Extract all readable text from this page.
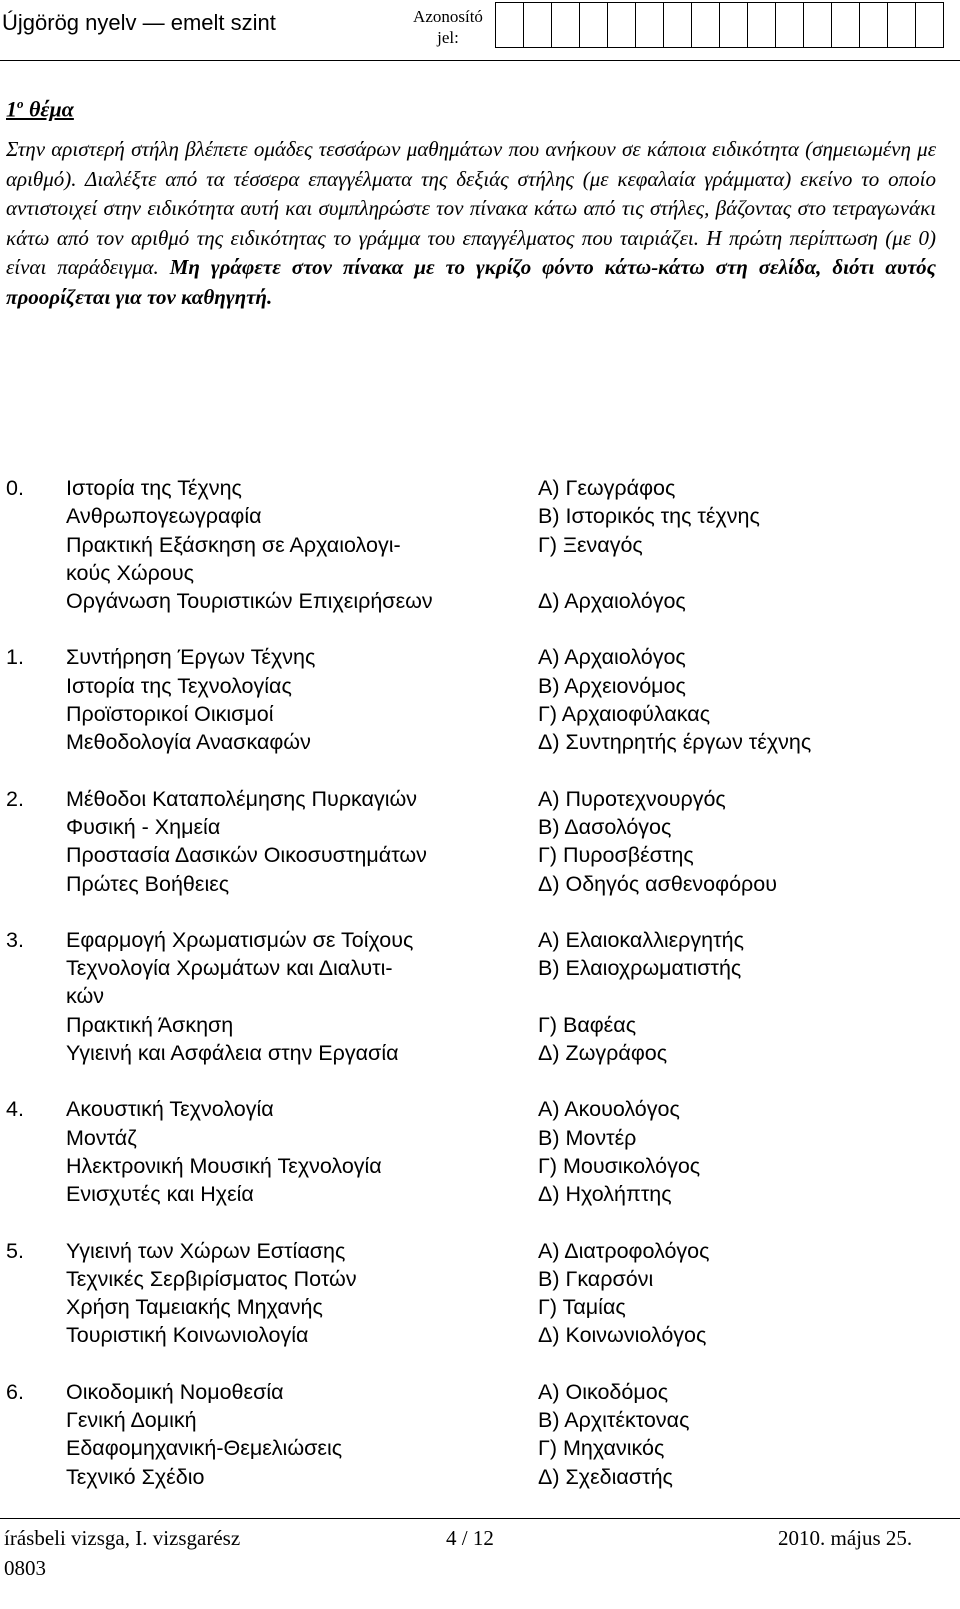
Újgörög nyelv — emelt szint	Azonosító
jel:
1$^o$ θέμα
Στην αριστερή στήλη βλέπετε ομάδες τεσσάρων μαθημάτων που ανήκουν σε κάποια ειδικότητα (σημειωμένη με αριθμό). Διαλέξτε από τα τέσσερα επαγγέλματα της δεξιάς στήλης (με κεφαλαία γράμματα) εκείνο το οποίο αντιστοιχεί στην ειδικότητα αυτή και συμπληρώστε τον πίνακα κάτω από τις στήλες, βάζοντας στο τετραγωνάκι κάτω από τον αριθμό της ειδικότητας το γράμμα του επαγγέλματος που ταιριάζει. Η πρώτη περίπτωση (με 0) είναι παράδειγμα. Μη γράφετε στον πίνακα με το γκρίζο φόντο κάτω-κάτω στη σελίδα, διότι αυτός προορίζεται για τον καθηγητή.
0. Ιστορία της Τέχνης	Α) Γεωγράφος
Ανθρωπογεωγραφία	Β) Ιστορικός της τέχνης
Πρακτική Εξάσκηση σε Αρχαιολογι-	Γ) Ξεναγός
κούς Χώρους
Οργάνωση Τουριστικών Επιχειρήσεων	Δ) Αρχαιολόγος
1. Συντήρηση Έργων Τέχνης	Α) Αρχαιολόγος
Ιστορία της Τεχνολογίας	Β) Αρχειονόμος
Προϊστορικοί Οικισμοί	Γ) Αρχαιοφύλακας
Μεθοδολογία Ανασκαφών	Δ) Συντηρητής έργων τέχνης
2. Μέθοδοι Καταπολέμησης Πυρκαγιών	Α) Πυροτεχνουργός
Φυσική - Χημεία	Β) Δασολόγος
Προστασία Δασικών Οικοσυστημάτων	Γ) Πυροσβέστης
Πρώτες Βοήθειες	Δ) Οδηγός ασθενοφόρου
3. Εφαρμογή Χρωματισμών σε Τοίχους	Α) Ελαιοκαλλιεργητής
Τεχνολογία Χρωμάτων και Διαλυτι-	Β) Ελαιοχρωματιστής
κών
Πρακτική Άσκηση	Γ) Βαφέας
Υγιεινή και Ασφάλεια στην Εργασία	Δ) Ζωγράφος
4. Ακουστική Τεχνολογία	Α) Ακουολόγος
Μοντάζ	Β) Μοντέρ
Ηλεκτρονική Μουσική Τεχνολογία	Γ) Μουσικολόγος
Ενισχυτές και Ηχεία	Δ) Ηχολήπτης
5. Υγιεινή των Χώρων Εστίασης	Α) Διατροφολόγος
Τεχνικές Σερβιρίσματος Ποτών	Β) Γκαρσόνι
Χρήση Ταμειακής Μηχανής	Γ) Ταμίας
Τουριστική Κοινωνιολογία	Δ) Κοινωνιολόγος
6. Οικοδομική Νομοθεσία	Α) Οικοδόμος
Γενική Δομική	Β) Αρχιτέκτονας
Εδαφομηχανική-Θεμελιώσεις	Γ) Μηχανικός
Τεχνικό Σχέδιο	Δ) Σχεδιαστής
írásbeli vizsga, I. vizsgarész	4 / 12	2010. május 25.
0803
